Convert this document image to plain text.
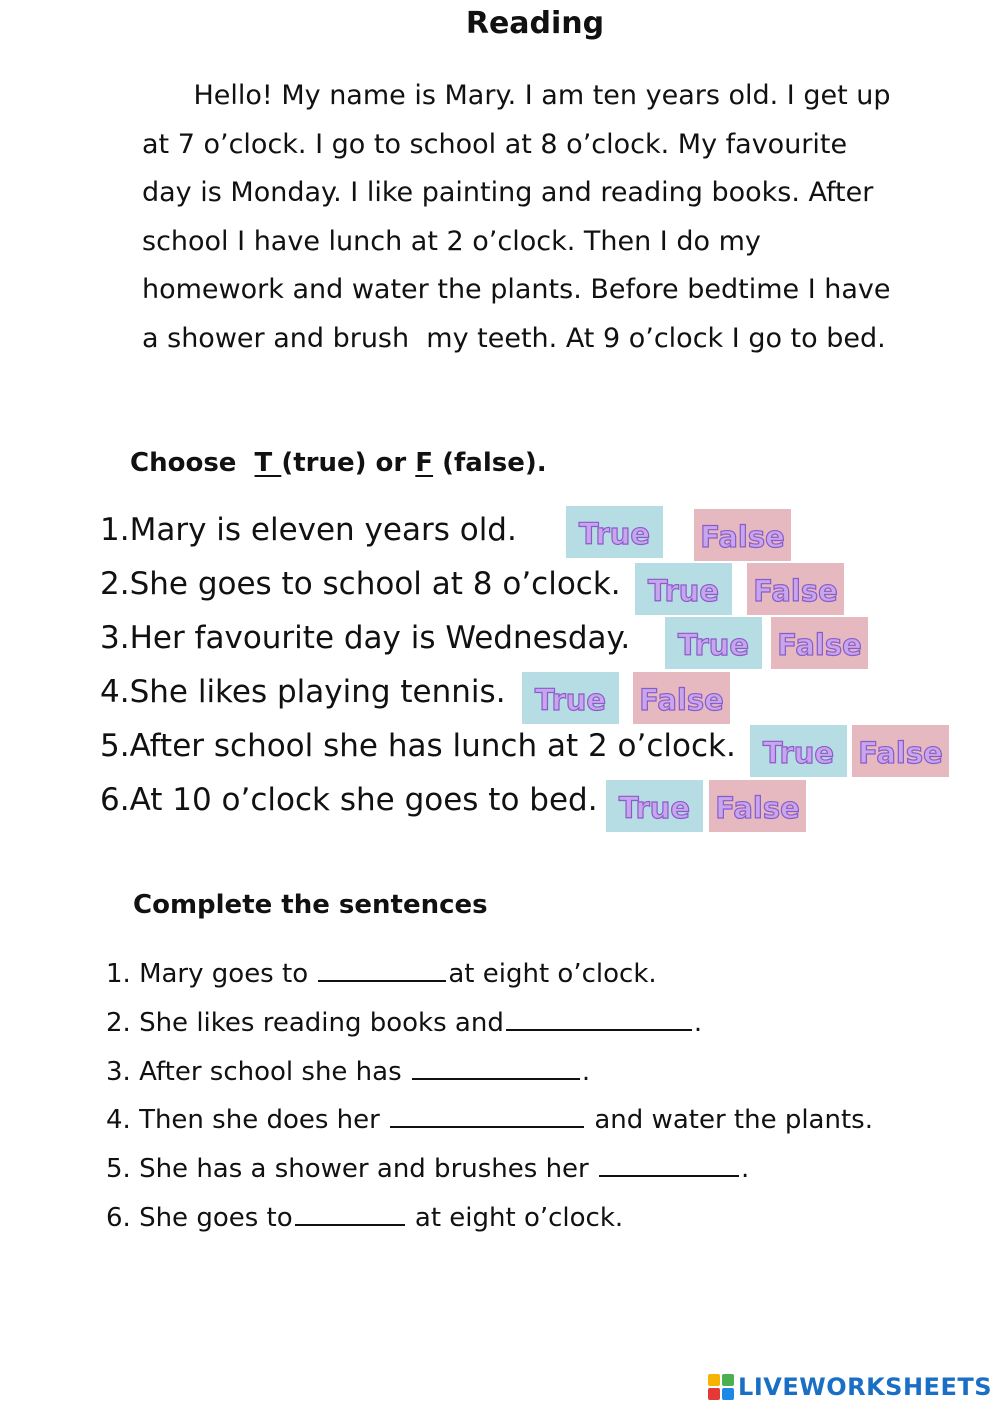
Reading
Hello! My name is Mary. I am ten years old. I get up
at 7 o’clock. I go to school at 8 o’clock. My favourite
day is Monday. I like painting and reading books. After
school I have lunch at 2 o’clock. Then I do my
homework and water the plants. Before bedtime I have
a shower and brush  my teeth. At 9 o’clock I go to bed.
Choose  T (true) or F (false).
1.Mary is eleven years old.	True	False
2.She goes to school at 8 o’clock. True	False
3.Her favourite day is Wednesday.	True False
4.She likes playing tennis.	True	False
5.After school she has lunch at 2 o’clock. True False
6.At 10 o’clock she goes to bed. True False
Complete the sentences
1. Mary goes to	at eight o’clock.
2. She likes reading books and	.
3. After school she has	.
4. Then she does her	and water the plants.
5. She has a shower and brushes her	.
6. She goes to	at eight o’clock.
LIVEWORKSHEETS
